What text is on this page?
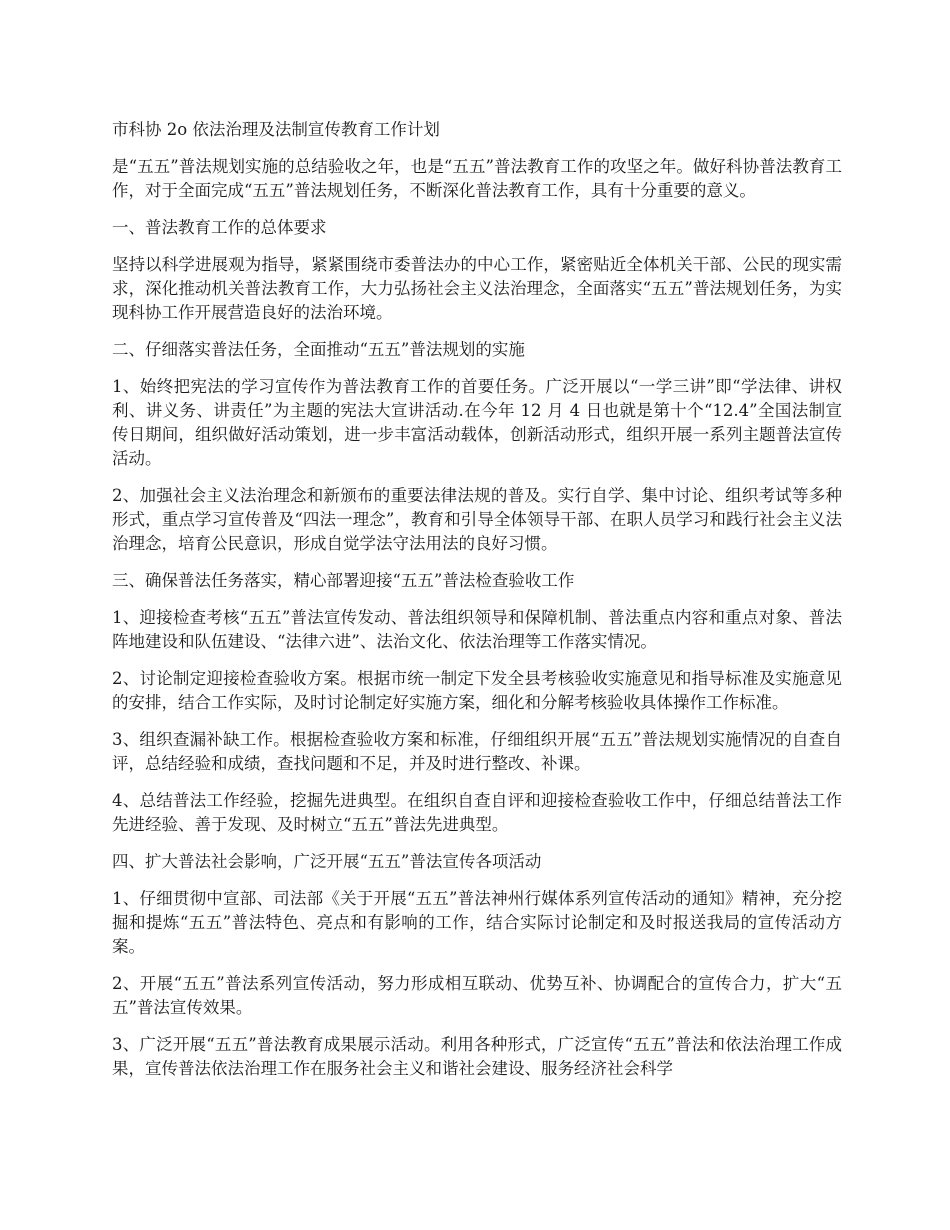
市科协 2o 依法治理及法制宣传教育工作计划

是“五五”普法规划实施的总结验收之年，也是“五五”普法教育工作的攻坚之年。做好科协普法教育工作，对于全面完成“五五”普法规划任务，不断深化普法教育工作，具有十分重要的意义。

一、普法教育工作的总体要求

坚持以科学进展观为指导，紧紧围绕市委普法办的中心工作，紧密贴近全体机关干部、公民的现实需求，深化推动机关普法教育工作，大力弘扬社会主义法治理念，全面落实“五五”普法规划任务，为实现科协工作开展营造良好的法治环境。

二、仔细落实普法任务，全面推动“五五”普法规划的实施

1、始终把宪法的学习宣传作为普法教育工作的首要任务。广泛开展以“一学三讲”即“学法律、讲权利、讲义务、讲责任”为主题的宪法大宣讲活动.在今年 12 月 4 日也就是第十个“12.4”全国法制宣传日期间，组织做好活动策划，进一步丰富活动载体，创新活动形式，组织开展一系列主题普法宣传活动。

2、加强社会主义法治理念和新颁布的重要法律法规的普及。实行自学、集中讨论、组织考试等多种形式，重点学习宣传普及“四法一理念”，教育和引导全体领导干部、在职人员学习和践行社会主义法治理念，培育公民意识，形成自觉学法守法用法的良好习惯。

三、确保普法任务落实，精心部署迎接“五五”普法检查验收工作

1、迎接检查考核“五五”普法宣传发动、普法组织领导和保障机制、普法重点内容和重点对象、普法阵地建设和队伍建设、“法律六进”、法治文化、依法治理等工作落实情况。

2、讨论制定迎接检查验收方案。根据市统一制定下发全县考核验收实施意见和指导标准及实施意见的安排，结合工作实际，及时讨论制定好实施方案，细化和分解考核验收具体操作工作标准。

3、组织查漏补缺工作。根据检查验收方案和标准，仔细组织开展“五五”普法规划实施情况的自查自评，总结经验和成绩，查找问题和不足，并及时进行整改、补课。

4、总结普法工作经验，挖掘先进典型。在组织自查自评和迎接检查验收工作中，仔细总结普法工作先进经验、善于发现、及时树立“五五”普法先进典型。

四、扩大普法社会影响，广泛开展“五五”普法宣传各项活动

1、仔细贯彻中宣部、司法部《关于开展“五五”普法神州行媒体系列宣传活动的通知》精神，充分挖掘和提炼“五五”普法特色、亮点和有影响的工作，结合实际讨论制定和及时报送我局的宣传活动方案。

2、开展“五五”普法系列宣传活动，努力形成相互联动、优势互补、协调配合的宣传合力，扩大“五五”普法宣传效果。

3、广泛开展“五五”普法教育成果展示活动。利用各种形式，广泛宣传“五五”普法和依法治理工作成果，宣传普法依法治理工作在服务社会主义和谐社会建设、服务经济社会科学
